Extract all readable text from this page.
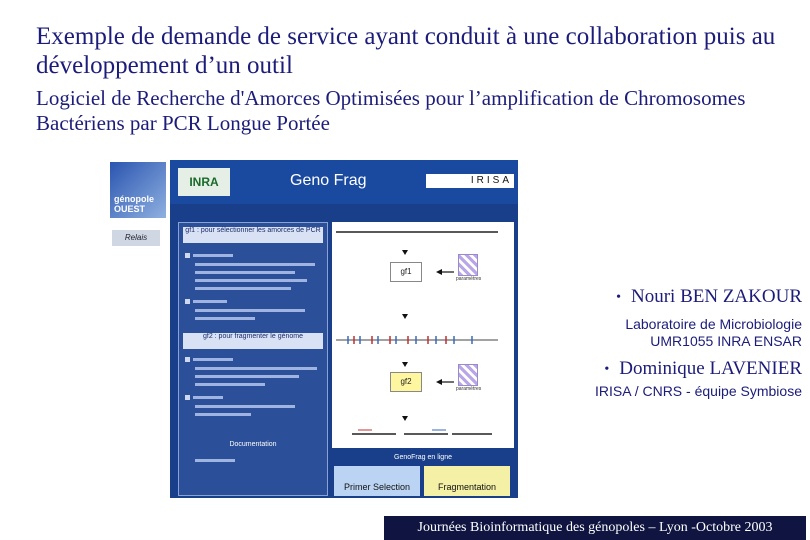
Exemple de demande de service ayant conduit à une collaboration puis au développement d’un outil
Logiciel de Recherche d'Amorces Optimisées pour l’amplification de Chromosomes Bactériens par PCR Longue Portée
génopole OUEST
Relais
INRA	Geno Frag	IRISA
gf1 : pour sélectionner les amorces de PCR
gf2 : pour fragmenter le génome
Documentation
gf1
paramètres
gf2
paramètres
GenoFrag en ligne
Primer Selection	Fragmentation
• Nouri BEN ZAKOUR
Laboratoire de Microbiologie
UMR1055 INRA ENSAR
• Dominique LAVENIER
IRISA / CNRS - équipe Symbiose
Journées Bioinformatique des génopoles – Lyon -Octobre 2003
